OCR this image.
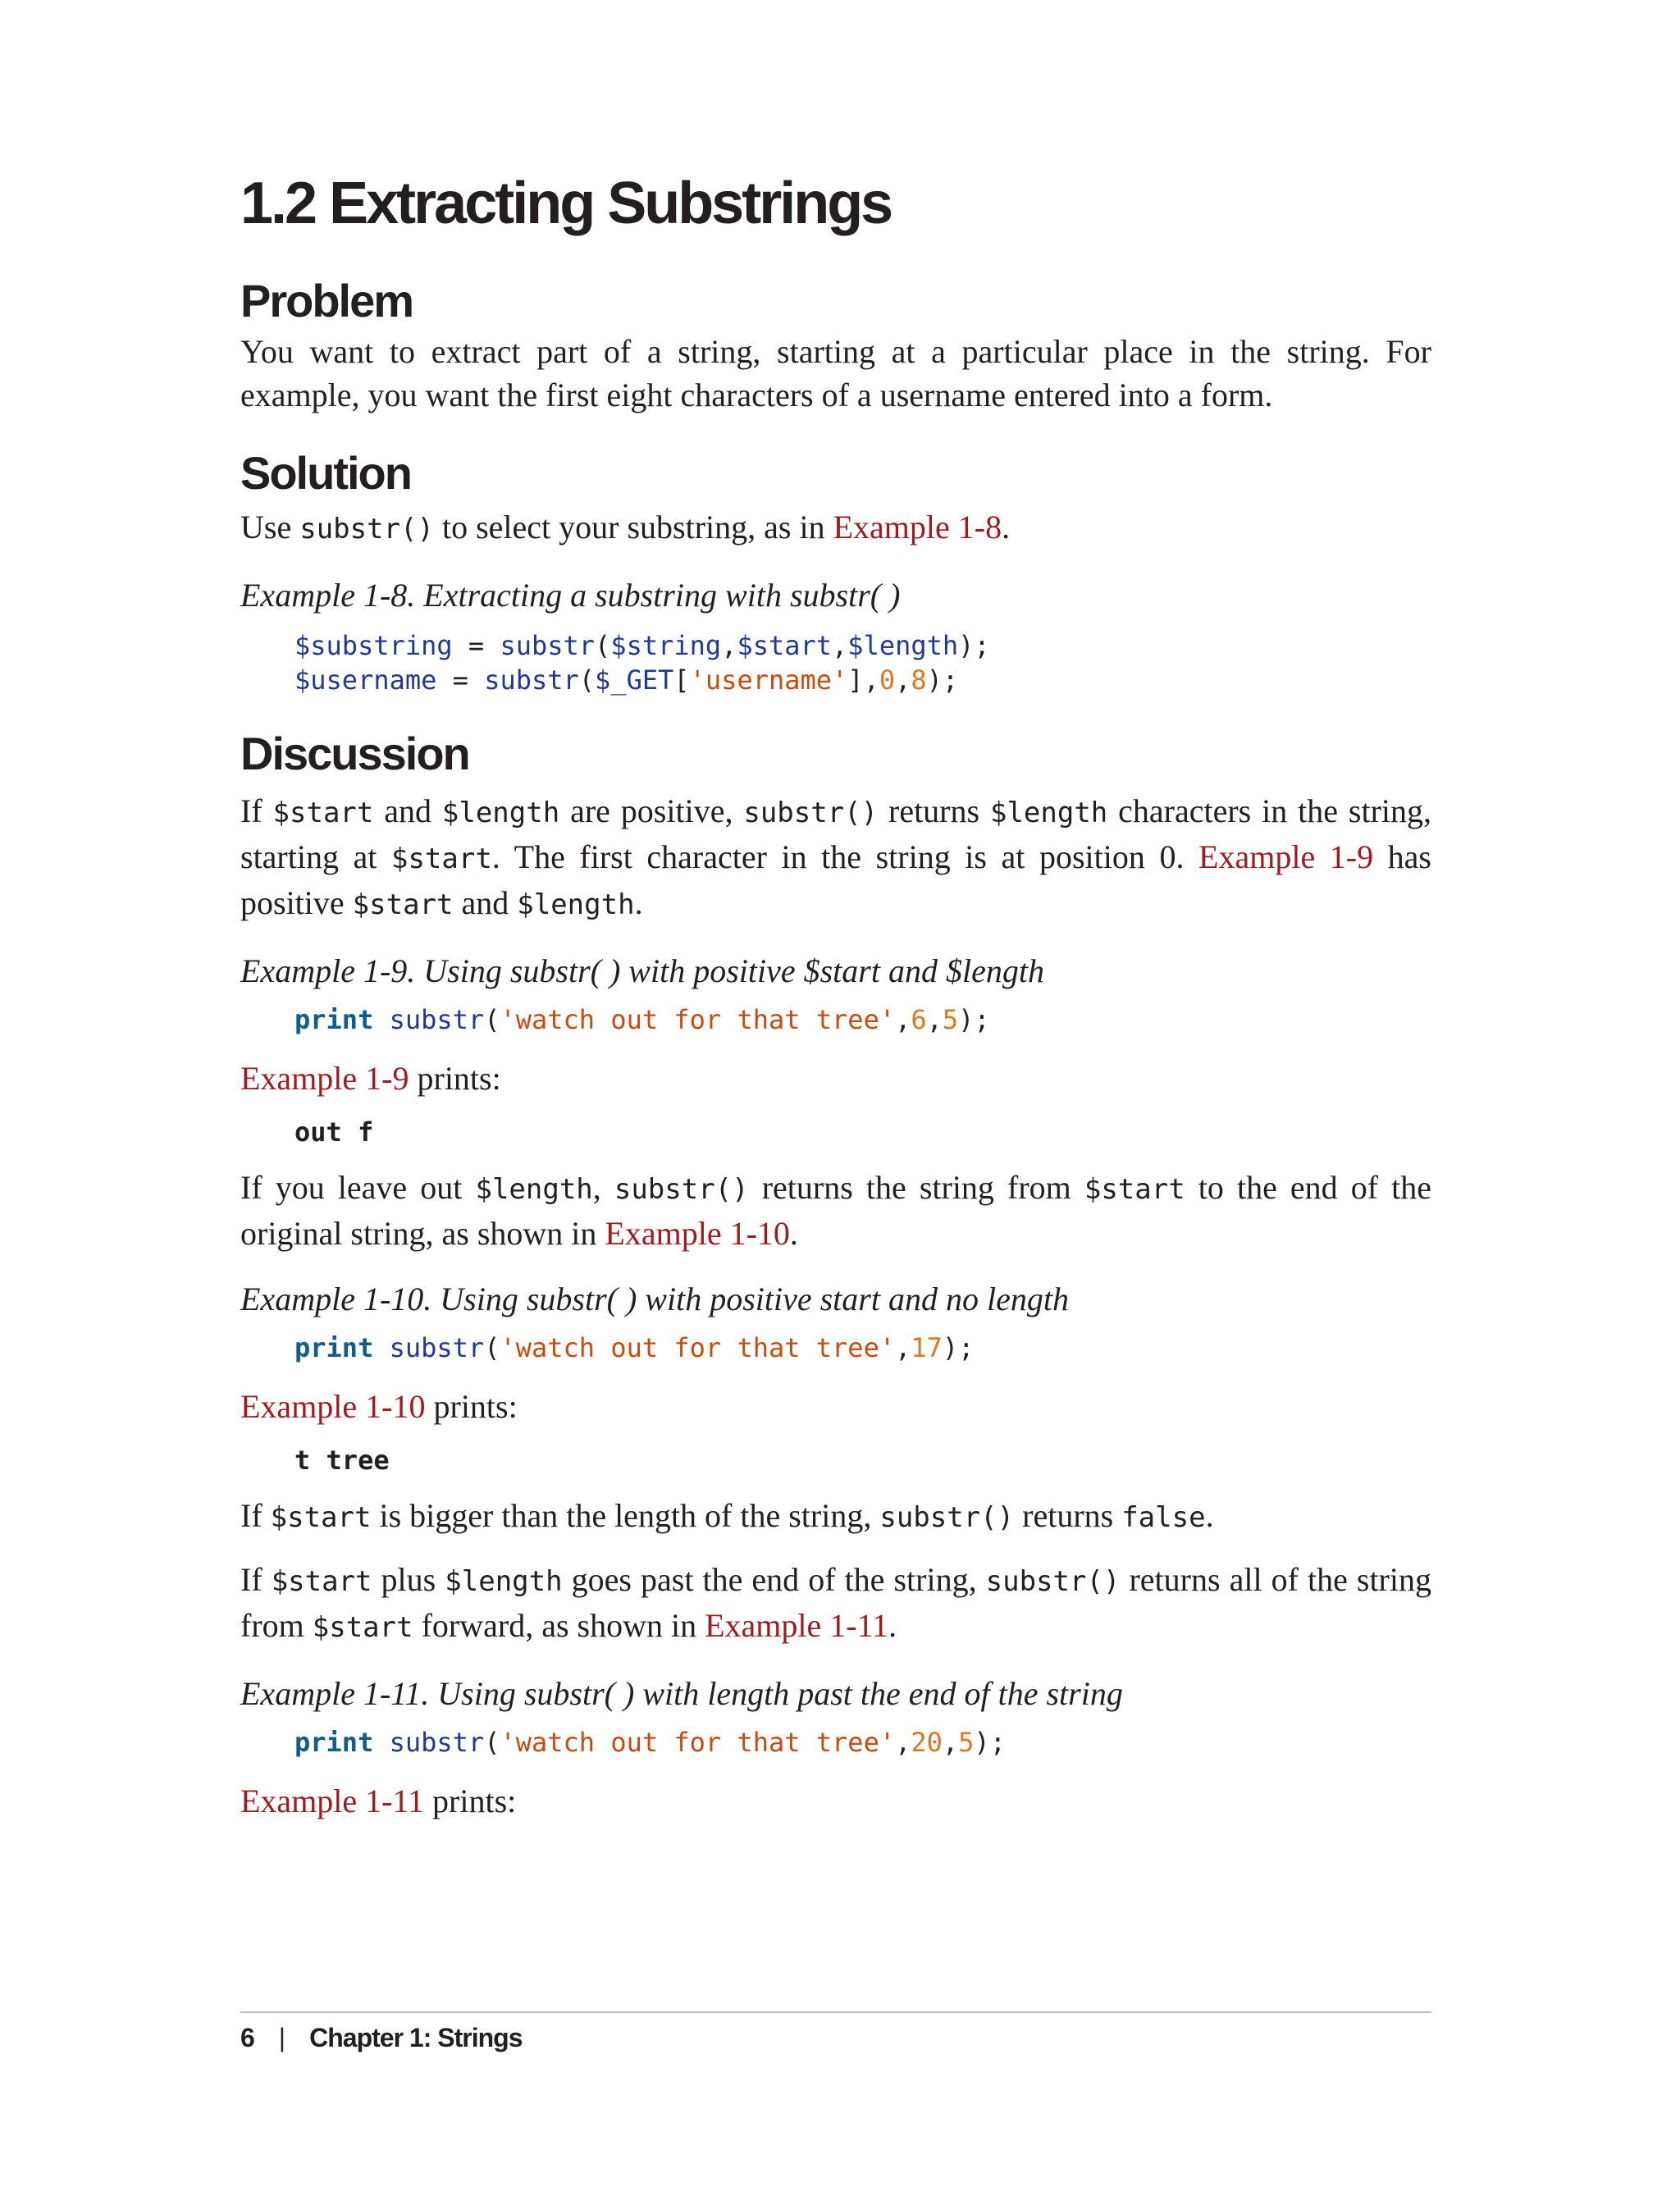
1.2 Extracting Substrings
Problem

You want to extract part of a string, starting at a particular place in the string. For example, you want the first eight characters of a username entered into a form.

Solution

Use substr() to select your substring, as in Example 1-8.

Example 1-8. Extracting a substring with substr( )

$substring = substr($string,$start,$length);
$username = substr($_GET['username'],0,8);
Discussion

If $start and $length are positive, substr() returns $length characters in the string, starting at $start. The first character in the string is at position 0. Example 1-9 has positive $start and $length.

Example 1-9. Using substr( ) with positive $start and $length

print substr('watch out for that tree',6,5);

Example 1-9 prints:

out f

If you leave out $length, substr() returns the string from $start to the end of the original string, as shown in Example 1-10.

Example 1-10. Using substr( ) with positive start and no length

print substr('watch out for that tree',17);

Example 1-10 prints:

t tree

If $start is bigger than the length of the string, substr() returns false.

If $start plus $length goes past the end of the string, substr() returns all of the string from $start forward, as shown in Example 1-11.

Example 1-11. Using substr( ) with length past the end of the string

print substr('watch out for that tree',20,5);

Example 1-11 prints:

6 | Chapter 1: Strings
